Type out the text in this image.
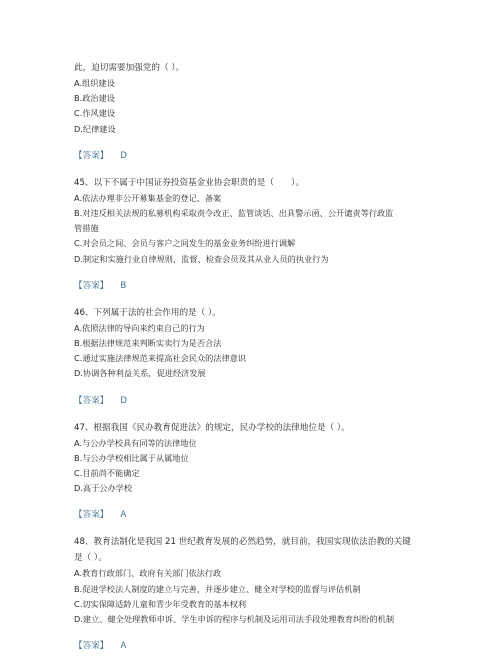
此，迫切需要加强党的（ ）。
A.组织建设
B.政治建设
C.作风建设
D.纪律建设
【答案】 D
45、以下不属于中国证券投资基金业协会职责的是（　　）。
A.依法办理非公开募集基金的登记、备案
B.对违反相关法规的私募机构采取责令改正、监管谈话、出具警示函、公开谴责等行政监
管措施
C.对会员之间、会员与客户之间发生的基金业务纠纷进行调解
D.制定和实施行业自律规则，监督、检查会员及其从业人员的执业行为
【答案】 B
46、下列属于法的社会作用的是（ ）。
A.依照法律的导向来约束自己的行为
B.根据法律规范来判断实卖行为是否合法
C.通过实施法律规范来提高社会民众的法律意识
D.协调各种利益关系，促进经济发展
【答案】 D
47、根据我国《民办教育促进法》的规定，民办学校的法律地位是（ ）。
A.与公办学校具有同等的法律地位
B.与公办学校相比属于从属地位
C.目前尚不能确定
D.高于公办学校
【答案】 A
48、教育法制化是我国 21 世纪教育发展的必然趋势，就目前，我国实现依法治教的关键
是（ ）。
A.教育行政部门、政府有关部门依法行政
B.促进学校法人制度的建立与完善，并逐步建立、健全对学校的监督与评估机制
C.切实保障适龄儿童和青少年受教育的基本权利
D.建立、健全处理教师申诉、学生申诉的程序与机制及运用司法手段处理教育纠纷的机制
【答案】 A
